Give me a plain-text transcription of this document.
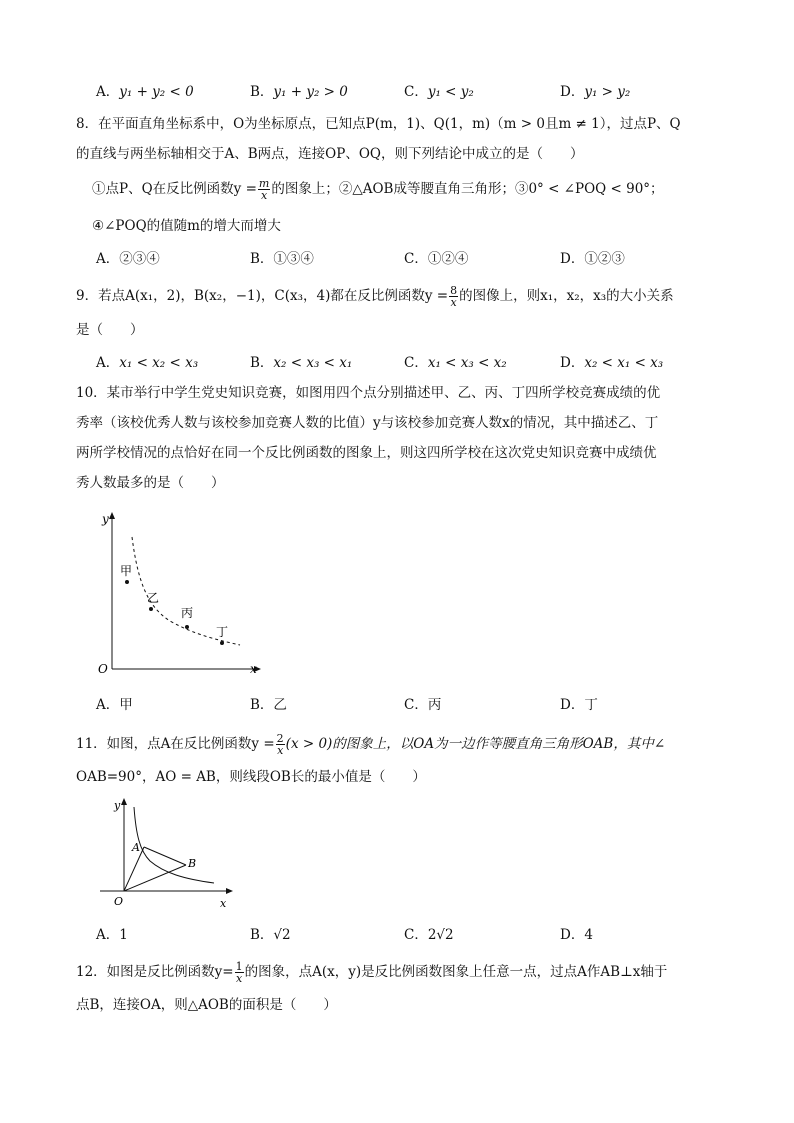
A．y₁ + y₂ < 0	B．y₁ + y₂ > 0	C．y₁ < y₂	D．y₁ > y₂
8．在平面直角坐标系中，O为坐标原点，已知点P(m，1)、Q(1，m)（m > 0且m ≠ 1），过点P、Q
的直线与两坐标轴相交于A、B两点，连接OP、OQ，则下列结论中成立的是（　　）
①点P、Q在反比例函数$y = \frac{m}{x}$ 的图象上；②△AOB成等腰直角三角形；③0° < ∠POQ < 90°；
④∠POQ的值随m的增大而增大
A．②③④	B．①③④	C．①②④	D．①②③
9．若点A(x₁，2)，B(x₂，−1)，C(x₃，4)都在反比例函数$y = \frac{8}{x}$ 的图像上，则x₁，x₂，x₃的大小关系
是（　　）
A．x₁ < x₂ < x₃	B．x₂ < x₃ < x₁	C．x₁ < x₃ < x₂	D．x₂ < x₁ < x₃
10．某市举行中学生党史知识竞赛，如图用四个点分别描述甲、乙、丙、丁四所学校竞赛成绩的优
秀率（该校优秀人数与该校参加竞赛人数的比值）y与该校参加竞赛人数x的情况，其中描述乙、丁
两所学校情况的点恰好在同一个反比例函数的图象上，则这四所学校在这次党史知识竞赛中成绩优
秀人数最多的是（　　）
y
x
O
甲
乙
丙
丁
A．甲	B．乙	C．丙	D．丁
11．如图，点A在反比例函数$y = \frac{2}{x} (x > 0)$的图象上，以OA为一边作等腰直角三角形OAB，其中∠
OAB=90°，AO = AB，则线段OB长的最小值是（　　）
y
x
O
A
B
A．1	B．√2	C．2√2	D．4
12．如图是反比例函数$y= \frac{1}{x}$ 的图象，点A(x，y)是反比例函数图象上任意一点，过点A作AB⊥x轴于
点B，连接OA，则△AOB的面积是（　　）
